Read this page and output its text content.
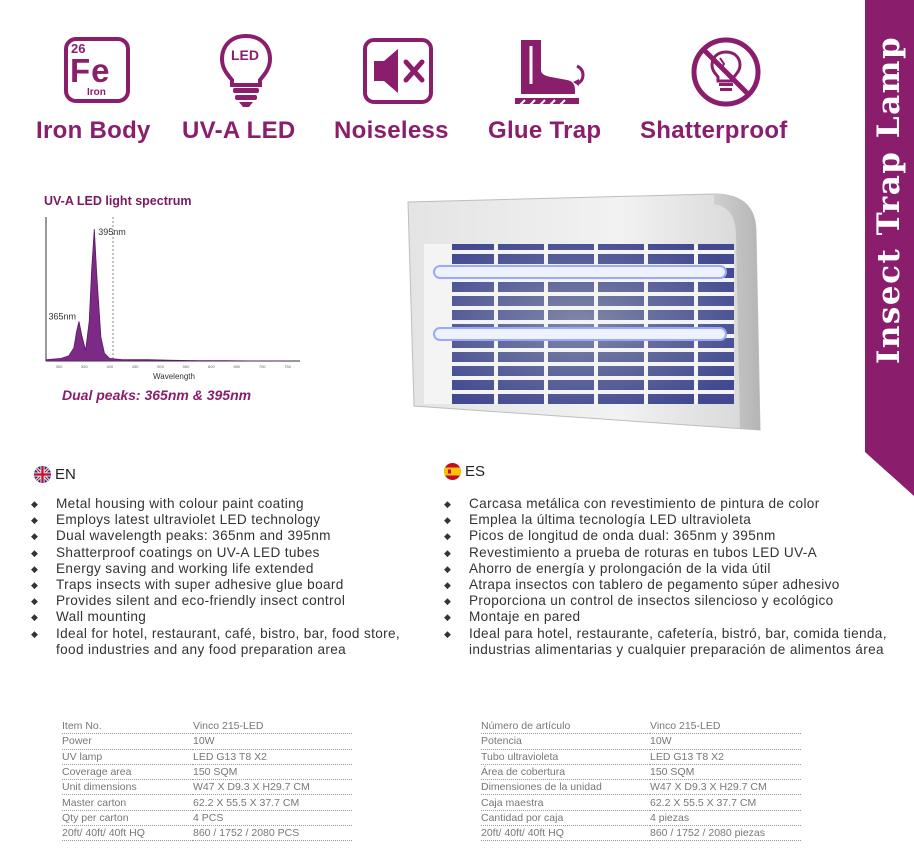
26
Fe
Iron
LED
Iron Body UV-A LED Noiseless Glue Trap Shatterproof	Insect Trap Lamp
UV-A LED light spectrum
300	350	400	450	500	550	600	650	700	750
365nm
395nm
Wavelength
Dual peaks: 365nm & 395nm
EN
◆ Metal housing with colour paint coating
◆ Employs latest ultraviolet LED technology
◆ Dual wavelength peaks: 365nm and 395nm
◆ Shatterproof coatings on UV-A LED tubes
◆ Energy saving and working life extended
◆ Traps insects with super adhesive glue board
◆ Provides silent and eco-friendly insect control
◆ Wall mounting
◆ Ideal for hotel, restaurant, café, bistro, bar, food store, food industries and any food preparation area
ES
◆ Carcasa metálica con revestimiento de pintura de color
◆ Emplea la última tecnología LED ultravioleta
◆ Picos de longitud de onda dual: 365nm y 395nm
◆ Revestimiento a prueba de roturas en tubos LED UV-A
◆ Ahorro de energía y prolongación de la vida útil
◆ Atrapa insectos con tablero de pegamento súper adhesivo
◆ Proporciona un control de insectos silencioso y ecológico
◆ Montaje en pared
◆ Ideal para hotel, restaurante, cafetería, bistró, bar, comida tienda, industrias alimentarias y cualquier preparación de alimentos área
Item No.	Vinco 215-LED
Power	10W
UV lamp	LED G13 T8 X2
Coverage area	150 SQM
Unit dimensions	W47 X D9.3 X H29.7 CM
Master carton	62.2 X 55.5 X 37.7 CM
Qty per carton	4 PCS
20ft/ 40ft/ 40ft HQ	860 / 1752 / 2080 PCS
Número de artículo	Vinco 215-LED
Potencia	10W
Tubo ultravioleta	LED G13 T8 X2
Área de cobertura	150 SQM
Dimensiones de la unidad	W47 X D9.3 X H29.7 CM
Caja maestra	62.2 X 55.5 X 37.7 CM
Cantidad por caja	4 piezas
20ft/ 40ft/ 40ft HQ	860 / 1752 / 2080 piezas
